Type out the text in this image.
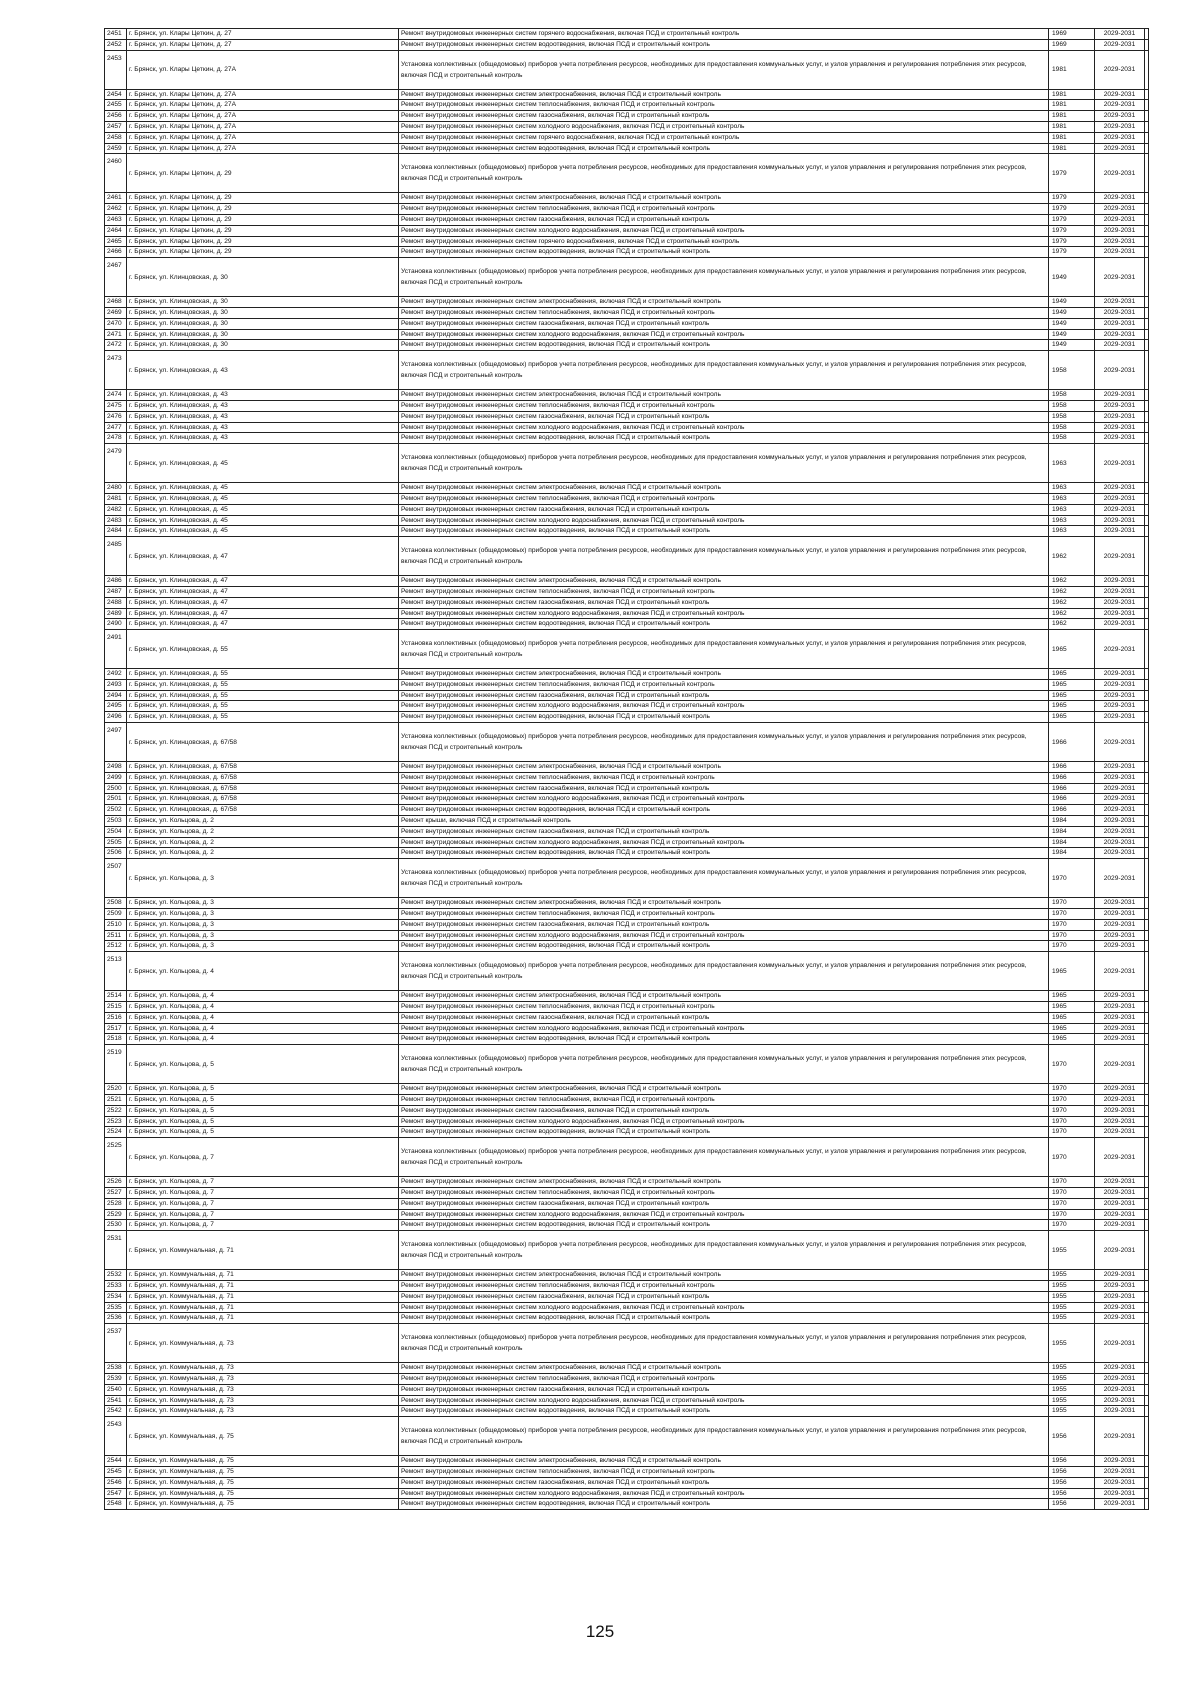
2451	г. Брянск, ул. Клары Цеткин, д. 27	Ремонт внутридомовых инженерных систем горячего водоснабжения, включая ПСД и строительный контроль	1969	2029-2031	
2452	г. Брянск, ул. Клары Цеткин, д. 27	Ремонт внутридомовых инженерных систем водоотведения, включая ПСД и строительный контроль	1969	2029-2031	
2453	г. Брянск, ул. Клары Цеткин, д. 27А	Установка коллективных (общедомовых) приборов учета потребления ресурсов, необходимых для предоставления коммунальных услуг, и узлов управления и регулирования потребления этих ресурсов, включая ПСД и строительный контроль	1981	2029-2031	
2454	г. Брянск, ул. Клары Цеткин, д. 27А	Ремонт внутридомовых инженерных систем электроснабжения, включая ПСД и строительный контроль	1981	2029-2031	
2455	г. Брянск, ул. Клары Цеткин, д. 27А	Ремонт внутридомовых инженерных систем теплоснабжения, включая ПСД и строительный контроль	1981	2029-2031	
2456	г. Брянск, ул. Клары Цеткин, д. 27А	Ремонт внутридомовых инженерных систем газоснабжения, включая ПСД и строительный контроль	1981	2029-2031	
2457	г. Брянск, ул. Клары Цеткин, д. 27А	Ремонт внутридомовых инженерных систем холодного водоснабжения, включая ПСД и строительный контроль	1981	2029-2031	
2458	г. Брянск, ул. Клары Цеткин, д. 27А	Ремонт внутридомовых инженерных систем горячего водоснабжения, включая ПСД и строительный контроль	1981	2029-2031	
2459	г. Брянск, ул. Клары Цеткин, д. 27А	Ремонт внутридомовых инженерных систем водоотведения, включая ПСД и строительный контроль	1981	2029-2031	
2460	г. Брянск, ул. Клары Цеткин, д. 29	Установка коллективных (общедомовых) приборов учета потребления ресурсов, необходимых для предоставления коммунальных услуг, и узлов управления и регулирования потребления этих ресурсов, включая ПСД и строительный контроль	1979	2029-2031	
2461	г. Брянск, ул. Клары Цеткин, д. 29	Ремонт внутридомовых инженерных систем электроснабжения, включая ПСД и строительный контроль	1979	2029-2031	
2462	г. Брянск, ул. Клары Цеткин, д. 29	Ремонт внутридомовых инженерных систем теплоснабжения, включая ПСД и строительный контроль	1979	2029-2031	
2463	г. Брянск, ул. Клары Цеткин, д. 29	Ремонт внутридомовых инженерных систем газоснабжения, включая ПСД и строительный контроль	1979	2029-2031	
2464	г. Брянск, ул. Клары Цеткин, д. 29	Ремонт внутридомовых инженерных систем холодного водоснабжения, включая ПСД и строительный контроль	1979	2029-2031	
2465	г. Брянск, ул. Клары Цеткин, д. 29	Ремонт внутридомовых инженерных систем горячего водоснабжения, включая ПСД и строительный контроль	1979	2029-2031	
2466	г. Брянск, ул. Клары Цеткин, д. 29	Ремонт внутридомовых инженерных систем водоотведения, включая ПСД и строительный контроль	1979	2029-2031	
2467	г. Брянск, ул. Клинцовская, д. 30	Установка коллективных (общедомовых) приборов учета потребления ресурсов, необходимых для предоставления коммунальных услуг, и узлов управления и регулирования потребления этих ресурсов, включая ПСД и строительный контроль	1949	2029-2031	
2468	г. Брянск, ул. Клинцовская, д. 30	Ремонт внутридомовых инженерных систем электроснабжения, включая ПСД и строительный контроль	1949	2029-2031	
2469	г. Брянск, ул. Клинцовская, д. 30	Ремонт внутридомовых инженерных систем теплоснабжения, включая ПСД и строительный контроль	1949	2029-2031	
2470	г. Брянск, ул. Клинцовская, д. 30	Ремонт внутридомовых инженерных систем газоснабжения, включая ПСД и строительный контроль	1949	2029-2031	
2471	г. Брянск, ул. Клинцовская, д. 30	Ремонт внутридомовых инженерных систем холодного водоснабжения, включая ПСД и строительный контроль	1949	2029-2031	
2472	г. Брянск, ул. Клинцовская, д. 30	Ремонт внутридомовых инженерных систем водоотведения, включая ПСД и строительный контроль	1949	2029-2031	
2473	г. Брянск, ул. Клинцовская, д. 43	Установка коллективных (общедомовых) приборов учета потребления ресурсов, необходимых для предоставления коммунальных услуг, и узлов управления и регулирования потребления этих ресурсов, включая ПСД и строительный контроль	1958	2029-2031	
2474	г. Брянск, ул. Клинцовская, д. 43	Ремонт внутридомовых инженерных систем электроснабжения, включая ПСД и строительный контроль	1958	2029-2031	
2475	г. Брянск, ул. Клинцовская, д. 43	Ремонт внутридомовых инженерных систем теплоснабжения, включая ПСД и строительный контроль	1958	2029-2031	
2476	г. Брянск, ул. Клинцовская, д. 43	Ремонт внутридомовых инженерных систем газоснабжения, включая ПСД и строительный контроль	1958	2029-2031	
2477	г. Брянск, ул. Клинцовская, д. 43	Ремонт внутридомовых инженерных систем холодного водоснабжения, включая ПСД и строительный контроль	1958	2029-2031	
2478	г. Брянск, ул. Клинцовская, д. 43	Ремонт внутридомовых инженерных систем водоотведения, включая ПСД и строительный контроль	1958	2029-2031	
2479	г. Брянск, ул. Клинцовская, д. 45	Установка коллективных (общедомовых) приборов учета потребления ресурсов, необходимых для предоставления коммунальных услуг, и узлов управления и регулирования потребления этих ресурсов, включая ПСД и строительный контроль	1963	2029-2031	
2480	г. Брянск, ул. Клинцовская, д. 45	Ремонт внутридомовых инженерных систем электроснабжения, включая ПСД и строительный контроль	1963	2029-2031	
2481	г. Брянск, ул. Клинцовская, д. 45	Ремонт внутридомовых инженерных систем теплоснабжения, включая ПСД и строительный контроль	1963	2029-2031	
2482	г. Брянск, ул. Клинцовская, д. 45	Ремонт внутридомовых инженерных систем газоснабжения, включая ПСД и строительный контроль	1963	2029-2031	
2483	г. Брянск, ул. Клинцовская, д. 45	Ремонт внутридомовых инженерных систем холодного водоснабжения, включая ПСД и строительный контроль	1963	2029-2031	
2484	г. Брянск, ул. Клинцовская, д. 45	Ремонт внутридомовых инженерных систем водоотведения, включая ПСД и строительный контроль	1963	2029-2031	
2485	г. Брянск, ул. Клинцовская, д. 47	Установка коллективных (общедомовых) приборов учета потребления ресурсов, необходимых для предоставления коммунальных услуг, и узлов управления и регулирования потребления этих ресурсов, включая ПСД и строительный контроль	1962	2029-2031	
2486	г. Брянск, ул. Клинцовская, д. 47	Ремонт внутридомовых инженерных систем электроснабжения, включая ПСД и строительный контроль	1962	2029-2031	
2487	г. Брянск, ул. Клинцовская, д. 47	Ремонт внутридомовых инженерных систем теплоснабжения, включая ПСД и строительный контроль	1962	2029-2031	
2488	г. Брянск, ул. Клинцовская, д. 47	Ремонт внутридомовых инженерных систем газоснабжения, включая ПСД и строительный контроль	1962	2029-2031	
2489	г. Брянск, ул. Клинцовская, д. 47	Ремонт внутридомовых инженерных систем холодного водоснабжения, включая ПСД и строительный контроль	1962	2029-2031	
2490	г. Брянск, ул. Клинцовская, д. 47	Ремонт внутридомовых инженерных систем водоотведения, включая ПСД и строительный контроль	1962	2029-2031	
2491	г. Брянск, ул. Клинцовская, д. 55	Установка коллективных (общедомовых) приборов учета потребления ресурсов, необходимых для предоставления коммунальных услуг, и узлов управления и регулирования потребления этих ресурсов, включая ПСД и строительный контроль	1965	2029-2031	
2492	г. Брянск, ул. Клинцовская, д. 55	Ремонт внутридомовых инженерных систем электроснабжения, включая ПСД и строительный контроль	1965	2029-2031	
2493	г. Брянск, ул. Клинцовская, д. 55	Ремонт внутридомовых инженерных систем теплоснабжения, включая ПСД и строительный контроль	1965	2029-2031	
2494	г. Брянск, ул. Клинцовская, д. 55	Ремонт внутридомовых инженерных систем газоснабжения, включая ПСД и строительный контроль	1965	2029-2031	
2495	г. Брянск, ул. Клинцовская, д. 55	Ремонт внутридомовых инженерных систем холодного водоснабжения, включая ПСД и строительный контроль	1965	2029-2031	
2496	г. Брянск, ул. Клинцовская, д. 55	Ремонт внутридомовых инженерных систем водоотведения, включая ПСД и строительный контроль	1965	2029-2031	
2497	г. Брянск, ул. Клинцовская, д. 67/58	Установка коллективных (общедомовых) приборов учета потребления ресурсов, необходимых для предоставления коммунальных услуг, и узлов управления и регулирования потребления этих ресурсов, включая ПСД и строительный контроль	1966	2029-2031	
2498	г. Брянск, ул. Клинцовская, д. 67/58	Ремонт внутридомовых инженерных систем электроснабжения, включая ПСД и строительный контроль	1966	2029-2031	
2499	г. Брянск, ул. Клинцовская, д. 67/58	Ремонт внутридомовых инженерных систем теплоснабжения, включая ПСД и строительный контроль	1966	2029-2031	
2500	г. Брянск, ул. Клинцовская, д. 67/58	Ремонт внутридомовых инженерных систем газоснабжения, включая ПСД и строительный контроль	1966	2029-2031	
2501	г. Брянск, ул. Клинцовская, д. 67/58	Ремонт внутридомовых инженерных систем холодного водоснабжения, включая ПСД и строительный контроль	1966	2029-2031	
2502	г. Брянск, ул. Клинцовская, д. 67/58	Ремонт внутридомовых инженерных систем водоотведения, включая ПСД и строительный контроль	1966	2029-2031	
2503	г. Брянск, ул. Кольцова, д. 2	Ремонт крыши, включая ПСД и строительный контроль	1984	2029-2031	
2504	г. Брянск, ул. Кольцова, д. 2	Ремонт внутридомовых инженерных систем газоснабжения, включая ПСД и строительный контроль	1984	2029-2031	
2505	г. Брянск, ул. Кольцова, д. 2	Ремонт внутридомовых инженерных систем холодного водоснабжения, включая ПСД и строительный контроль	1984	2029-2031	
2506	г. Брянск, ул. Кольцова, д. 2	Ремонт внутридомовых инженерных систем водоотведения, включая ПСД и строительный контроль	1984	2029-2031	
2507	г. Брянск, ул. Кольцова, д. 3	Установка коллективных (общедомовых) приборов учета потребления ресурсов, необходимых для предоставления коммунальных услуг, и узлов управления и регулирования потребления этих ресурсов, включая ПСД и строительный контроль	1970	2029-2031	
2508	г. Брянск, ул. Кольцова, д. 3	Ремонт внутридомовых инженерных систем электроснабжения, включая ПСД и строительный контроль	1970	2029-2031	
2509	г. Брянск, ул. Кольцова, д. 3	Ремонт внутридомовых инженерных систем теплоснабжения, включая ПСД и строительный контроль	1970	2029-2031	
2510	г. Брянск, ул. Кольцова, д. 3	Ремонт внутридомовых инженерных систем газоснабжения, включая ПСД и строительный контроль	1970	2029-2031	
2511	г. Брянск, ул. Кольцова, д. 3	Ремонт внутридомовых инженерных систем холодного водоснабжения, включая ПСД и строительный контроль	1970	2029-2031	
2512	г. Брянск, ул. Кольцова, д. 3	Ремонт внутридомовых инженерных систем водоотведения, включая ПСД и строительный контроль	1970	2029-2031	
2513	г. Брянск, ул. Кольцова, д. 4	Установка коллективных (общедомовых) приборов учета потребления ресурсов, необходимых для предоставления коммунальных услуг, и узлов управления и регулирования потребления этих ресурсов, включая ПСД и строительный контроль	1965	2029-2031	
2514	г. Брянск, ул. Кольцова, д. 4	Ремонт внутридомовых инженерных систем электроснабжения, включая ПСД и строительный контроль	1965	2029-2031	
2515	г. Брянск, ул. Кольцова, д. 4	Ремонт внутридомовых инженерных систем теплоснабжения, включая ПСД и строительный контроль	1965	2029-2031	
2516	г. Брянск, ул. Кольцова, д. 4	Ремонт внутридомовых инженерных систем газоснабжения, включая ПСД и строительный контроль	1965	2029-2031	
2517	г. Брянск, ул. Кольцова, д. 4	Ремонт внутридомовых инженерных систем холодного водоснабжения, включая ПСД и строительный контроль	1965	2029-2031	
2518	г. Брянск, ул. Кольцова, д. 4	Ремонт внутридомовых инженерных систем водоотведения, включая ПСД и строительный контроль	1965	2029-2031	
2519	г. Брянск, ул. Кольцова, д. 5	Установка коллективных (общедомовых) приборов учета потребления ресурсов, необходимых для предоставления коммунальных услуг, и узлов управления и регулирования потребления этих ресурсов, включая ПСД и строительный контроль	1970	2029-2031	
2520	г. Брянск, ул. Кольцова, д. 5	Ремонт внутридомовых инженерных систем электроснабжения, включая ПСД и строительный контроль	1970	2029-2031	
2521	г. Брянск, ул. Кольцова, д. 5	Ремонт внутридомовых инженерных систем теплоснабжения, включая ПСД и строительный контроль	1970	2029-2031	
2522	г. Брянск, ул. Кольцова, д. 5	Ремонт внутридомовых инженерных систем газоснабжения, включая ПСД и строительный контроль	1970	2029-2031	
2523	г. Брянск, ул. Кольцова, д. 5	Ремонт внутридомовых инженерных систем холодного водоснабжения, включая ПСД и строительный контроль	1970	2029-2031	
2524	г. Брянск, ул. Кольцова, д. 5	Ремонт внутридомовых инженерных систем водоотведения, включая ПСД и строительный контроль	1970	2029-2031	
2525	г. Брянск, ул. Кольцова, д. 7	Установка коллективных (общедомовых) приборов учета потребления ресурсов, необходимых для предоставления коммунальных услуг, и узлов управления и регулирования потребления этих ресурсов, включая ПСД и строительный контроль	1970	2029-2031	
2526	г. Брянск, ул. Кольцова, д. 7	Ремонт внутридомовых инженерных систем электроснабжения, включая ПСД и строительный контроль	1970	2029-2031	
2527	г. Брянск, ул. Кольцова, д. 7	Ремонт внутридомовых инженерных систем теплоснабжения, включая ПСД и строительный контроль	1970	2029-2031	
2528	г. Брянск, ул. Кольцова, д. 7	Ремонт внутридомовых инженерных систем газоснабжения, включая ПСД и строительный контроль	1970	2029-2031	
2529	г. Брянск, ул. Кольцова, д. 7	Ремонт внутридомовых инженерных систем холодного водоснабжения, включая ПСД и строительный контроль	1970	2029-2031	
2530	г. Брянск, ул. Кольцова, д. 7	Ремонт внутридомовых инженерных систем водоотведения, включая ПСД и строительный контроль	1970	2029-2031	
2531	г. Брянск, ул. Коммунальная, д. 71	Установка коллективных (общедомовых) приборов учета потребления ресурсов, необходимых для предоставления коммунальных услуг, и узлов управления и регулирования потребления этих ресурсов, включая ПСД и строительный контроль	1955	2029-2031	
2532	г. Брянск, ул. Коммунальная, д. 71	Ремонт внутридомовых инженерных систем электроснабжения, включая ПСД и строительный контроль	1955	2029-2031	
2533	г. Брянск, ул. Коммунальная, д. 71	Ремонт внутридомовых инженерных систем теплоснабжения, включая ПСД и строительный контроль	1955	2029-2031	
2534	г. Брянск, ул. Коммунальная, д. 71	Ремонт внутридомовых инженерных систем газоснабжения, включая ПСД и строительный контроль	1955	2029-2031	
2535	г. Брянск, ул. Коммунальная, д. 71	Ремонт внутридомовых инженерных систем холодного водоснабжения, включая ПСД и строительный контроль	1955	2029-2031	
2536	г. Брянск, ул. Коммунальная, д. 71	Ремонт внутридомовых инженерных систем водоотведения, включая ПСД и строительный контроль	1955	2029-2031	
2537	г. Брянск, ул. Коммунальная, д. 73	Установка коллективных (общедомовых) приборов учета потребления ресурсов, необходимых для предоставления коммунальных услуг, и узлов управления и регулирования потребления этих ресурсов, включая ПСД и строительный контроль	1955	2029-2031	
2538	г. Брянск, ул. Коммунальная, д. 73	Ремонт внутридомовых инженерных систем электроснабжения, включая ПСД и строительный контроль	1955	2029-2031	
2539	г. Брянск, ул. Коммунальная, д. 73	Ремонт внутридомовых инженерных систем теплоснабжения, включая ПСД и строительный контроль	1955	2029-2031	
2540	г. Брянск, ул. Коммунальная, д. 73	Ремонт внутридомовых инженерных систем газоснабжения, включая ПСД и строительный контроль	1955	2029-2031	
2541	г. Брянск, ул. Коммунальная, д. 73	Ремонт внутридомовых инженерных систем холодного водоснабжения, включая ПСД и строительный контроль	1955	2029-2031	
2542	г. Брянск, ул. Коммунальная, д. 73	Ремонт внутридомовых инженерных систем водоотведения, включая ПСД и строительный контроль	1955	2029-2031	
2543	г. Брянск, ул. Коммунальная, д. 75	Установка коллективных (общедомовых) приборов учета потребления ресурсов, необходимых для предоставления коммунальных услуг, и узлов управления и регулирования потребления этих ресурсов, включая ПСД и строительный контроль	1956	2029-2031	
2544	г. Брянск, ул. Коммунальная, д. 75	Ремонт внутридомовых инженерных систем электроснабжения, включая ПСД и строительный контроль	1956	2029-2031	
2545	г. Брянск, ул. Коммунальная, д. 75	Ремонт внутридомовых инженерных систем теплоснабжения, включая ПСД и строительный контроль	1956	2029-2031	
2546	г. Брянск, ул. Коммунальная, д. 75	Ремонт внутридомовых инженерных систем газоснабжения, включая ПСД и строительный контроль	1956	2029-2031	
2547	г. Брянск, ул. Коммунальная, д. 75	Ремонт внутридомовых инженерных систем холодного водоснабжения, включая ПСД и строительный контроль	1956	2029-2031	
2548	г. Брянск, ул. Коммунальная, д. 75	Ремонт внутридомовых инженерных систем водоотведения, включая ПСД и строительный контроль	1956	2029-2031	
125
